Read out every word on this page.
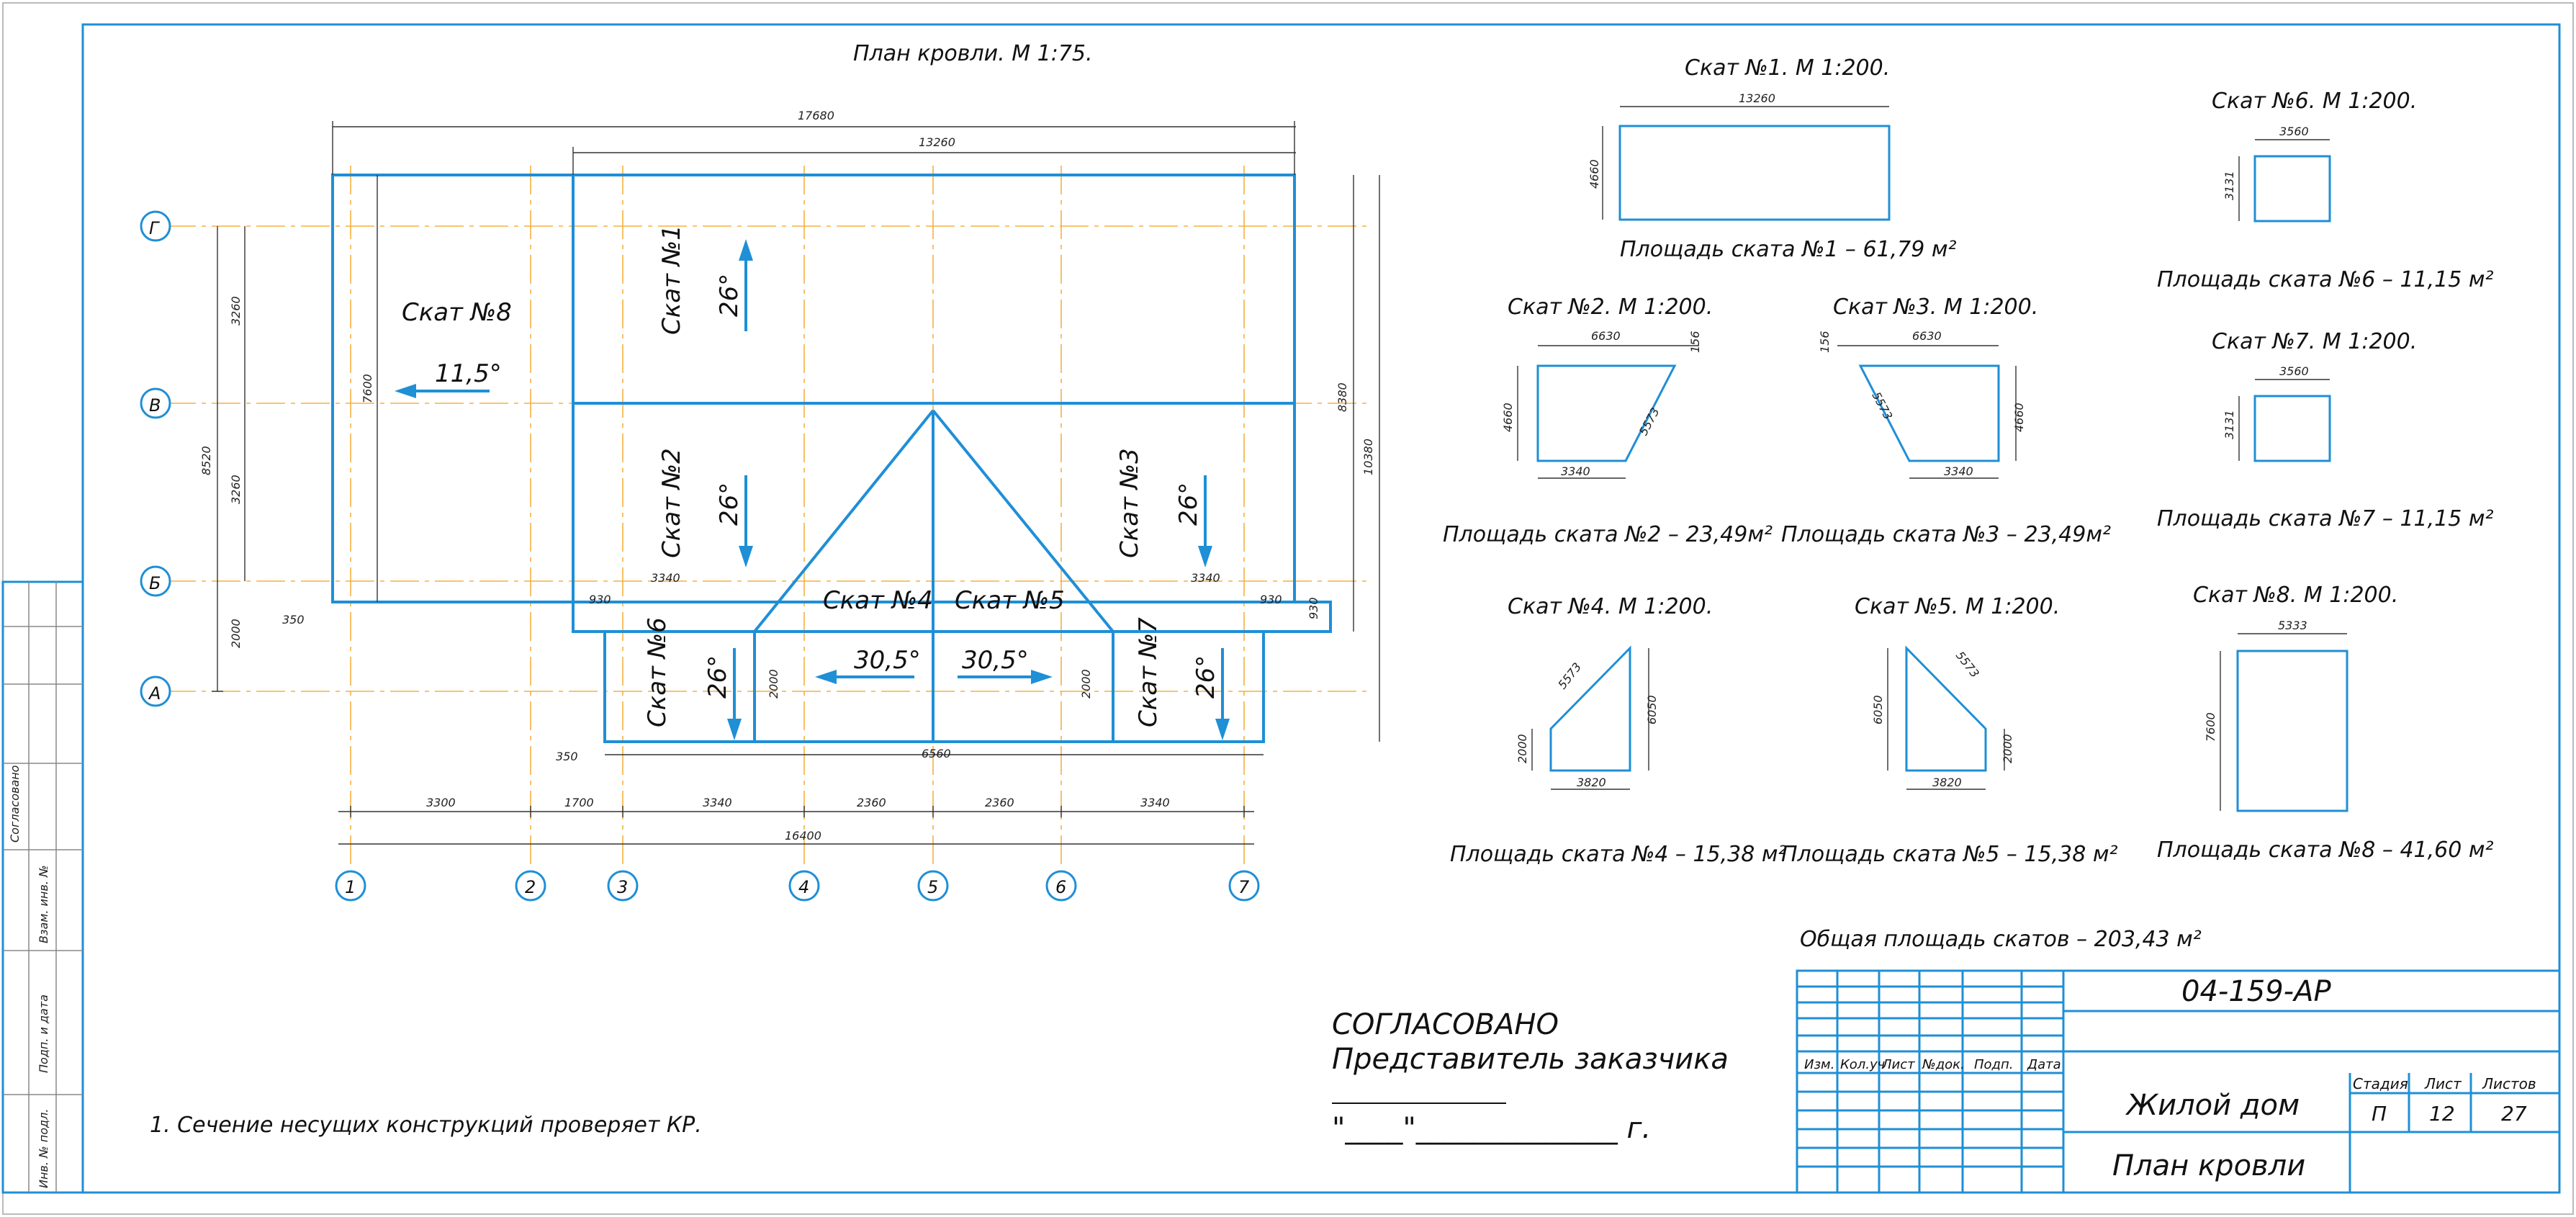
Согласовано
Взам. инв. №
Подп. и дата
Инв. № подл.
План кровли. М 1:75.
Скат №8	Скат №1
Скат №2	Скат №3
Скат №4 Скат №5
Скат №6	Скат №7
11,5°
26°
26°	26°
30,5° 30,5°
26°	26°
17680
13260
3300	1700	3340	2360	2360	3340
16400
3260
3260
2000
8520
8380
10380
7600
350
350
930	930 930
3340	3340
6560
2000	2000
Г
В
Б
А
1	2	3	4	5	6	7
Скат №1. М 1:200.
13260
4660
Площадь ската №1 – 61,79 м²
Скат №2. М 1:200.
6630	156
4660	5573
3340
Площадь ската №2 – 23,49м²
Скат №3. М 1:200.
156	6630
5573	4660
3340
Площадь ската №3 – 23,49м²
Скат №4. М 1:200.
5573
6050
2000
3820
Площадь ската №4 – 15,38 м²
Скат №5. М 1:200.
5573
6050
2000
3820
Площадь ската №5 – 15,38 м²
Скат №6. М 1:200.
3560
3131
Площадь ската №6 – 11,15 м²
Скат №7. М 1:200.
3560
3131
Площадь ската №7 – 11,15 м²
Скат №8. М 1:200.
5333
7600
Площадь ската №8 – 41,60 м²
Общая площадь скатов – 203,43 м²
1. Сечение несущих конструкций проверяет КР.
СОГЛАСОВАНО
Представитель заказчика
"____"______________ г.
04-159-АР
Изм. Кол.уч
Лист №док. Подп. Дата
Жилой дом
План кровли
Стадия Лист Листов
П 12 27
